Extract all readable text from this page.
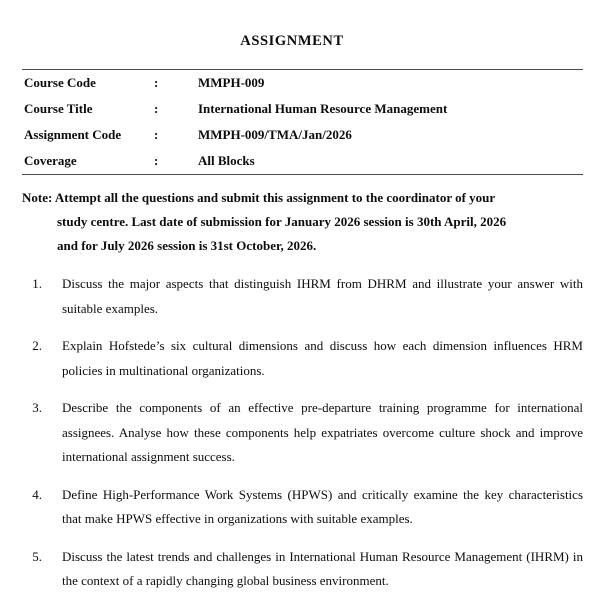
ASSIGNMENT
Course Code	:	MMPH-009
Course Title	:	International Human Resource Management
Assignment Code	:	MMPH-009/TMA/Jan/2026
Coverage	:	All Blocks
Note: Attempt all the questions and submit this assignment to the coordinator of your
study centre. Last date of submission for January 2026 session is 30th April, 2026
and for July 2026 session is 31st October, 2026.
1.	Discuss the major aspects that distinguish IHRM from DHRM and illustrate your answer with suitable examples.
2.	Explain Hofstede’s six cultural dimensions and discuss how each dimension influences HRM policies in multinational organizations.
3.	Describe the components of an effective pre-departure training programme for international assignees. Analyse how these components help expatriates overcome culture shock and improve international assignment success.
4.	Define High-Performance Work Systems (HPWS) and critically examine the key characteristics that make HPWS effective in organizations with suitable examples.
5.	Discuss the latest trends and challenges in International Human Resource Management (IHRM) in the context of a rapidly changing global business environment.
